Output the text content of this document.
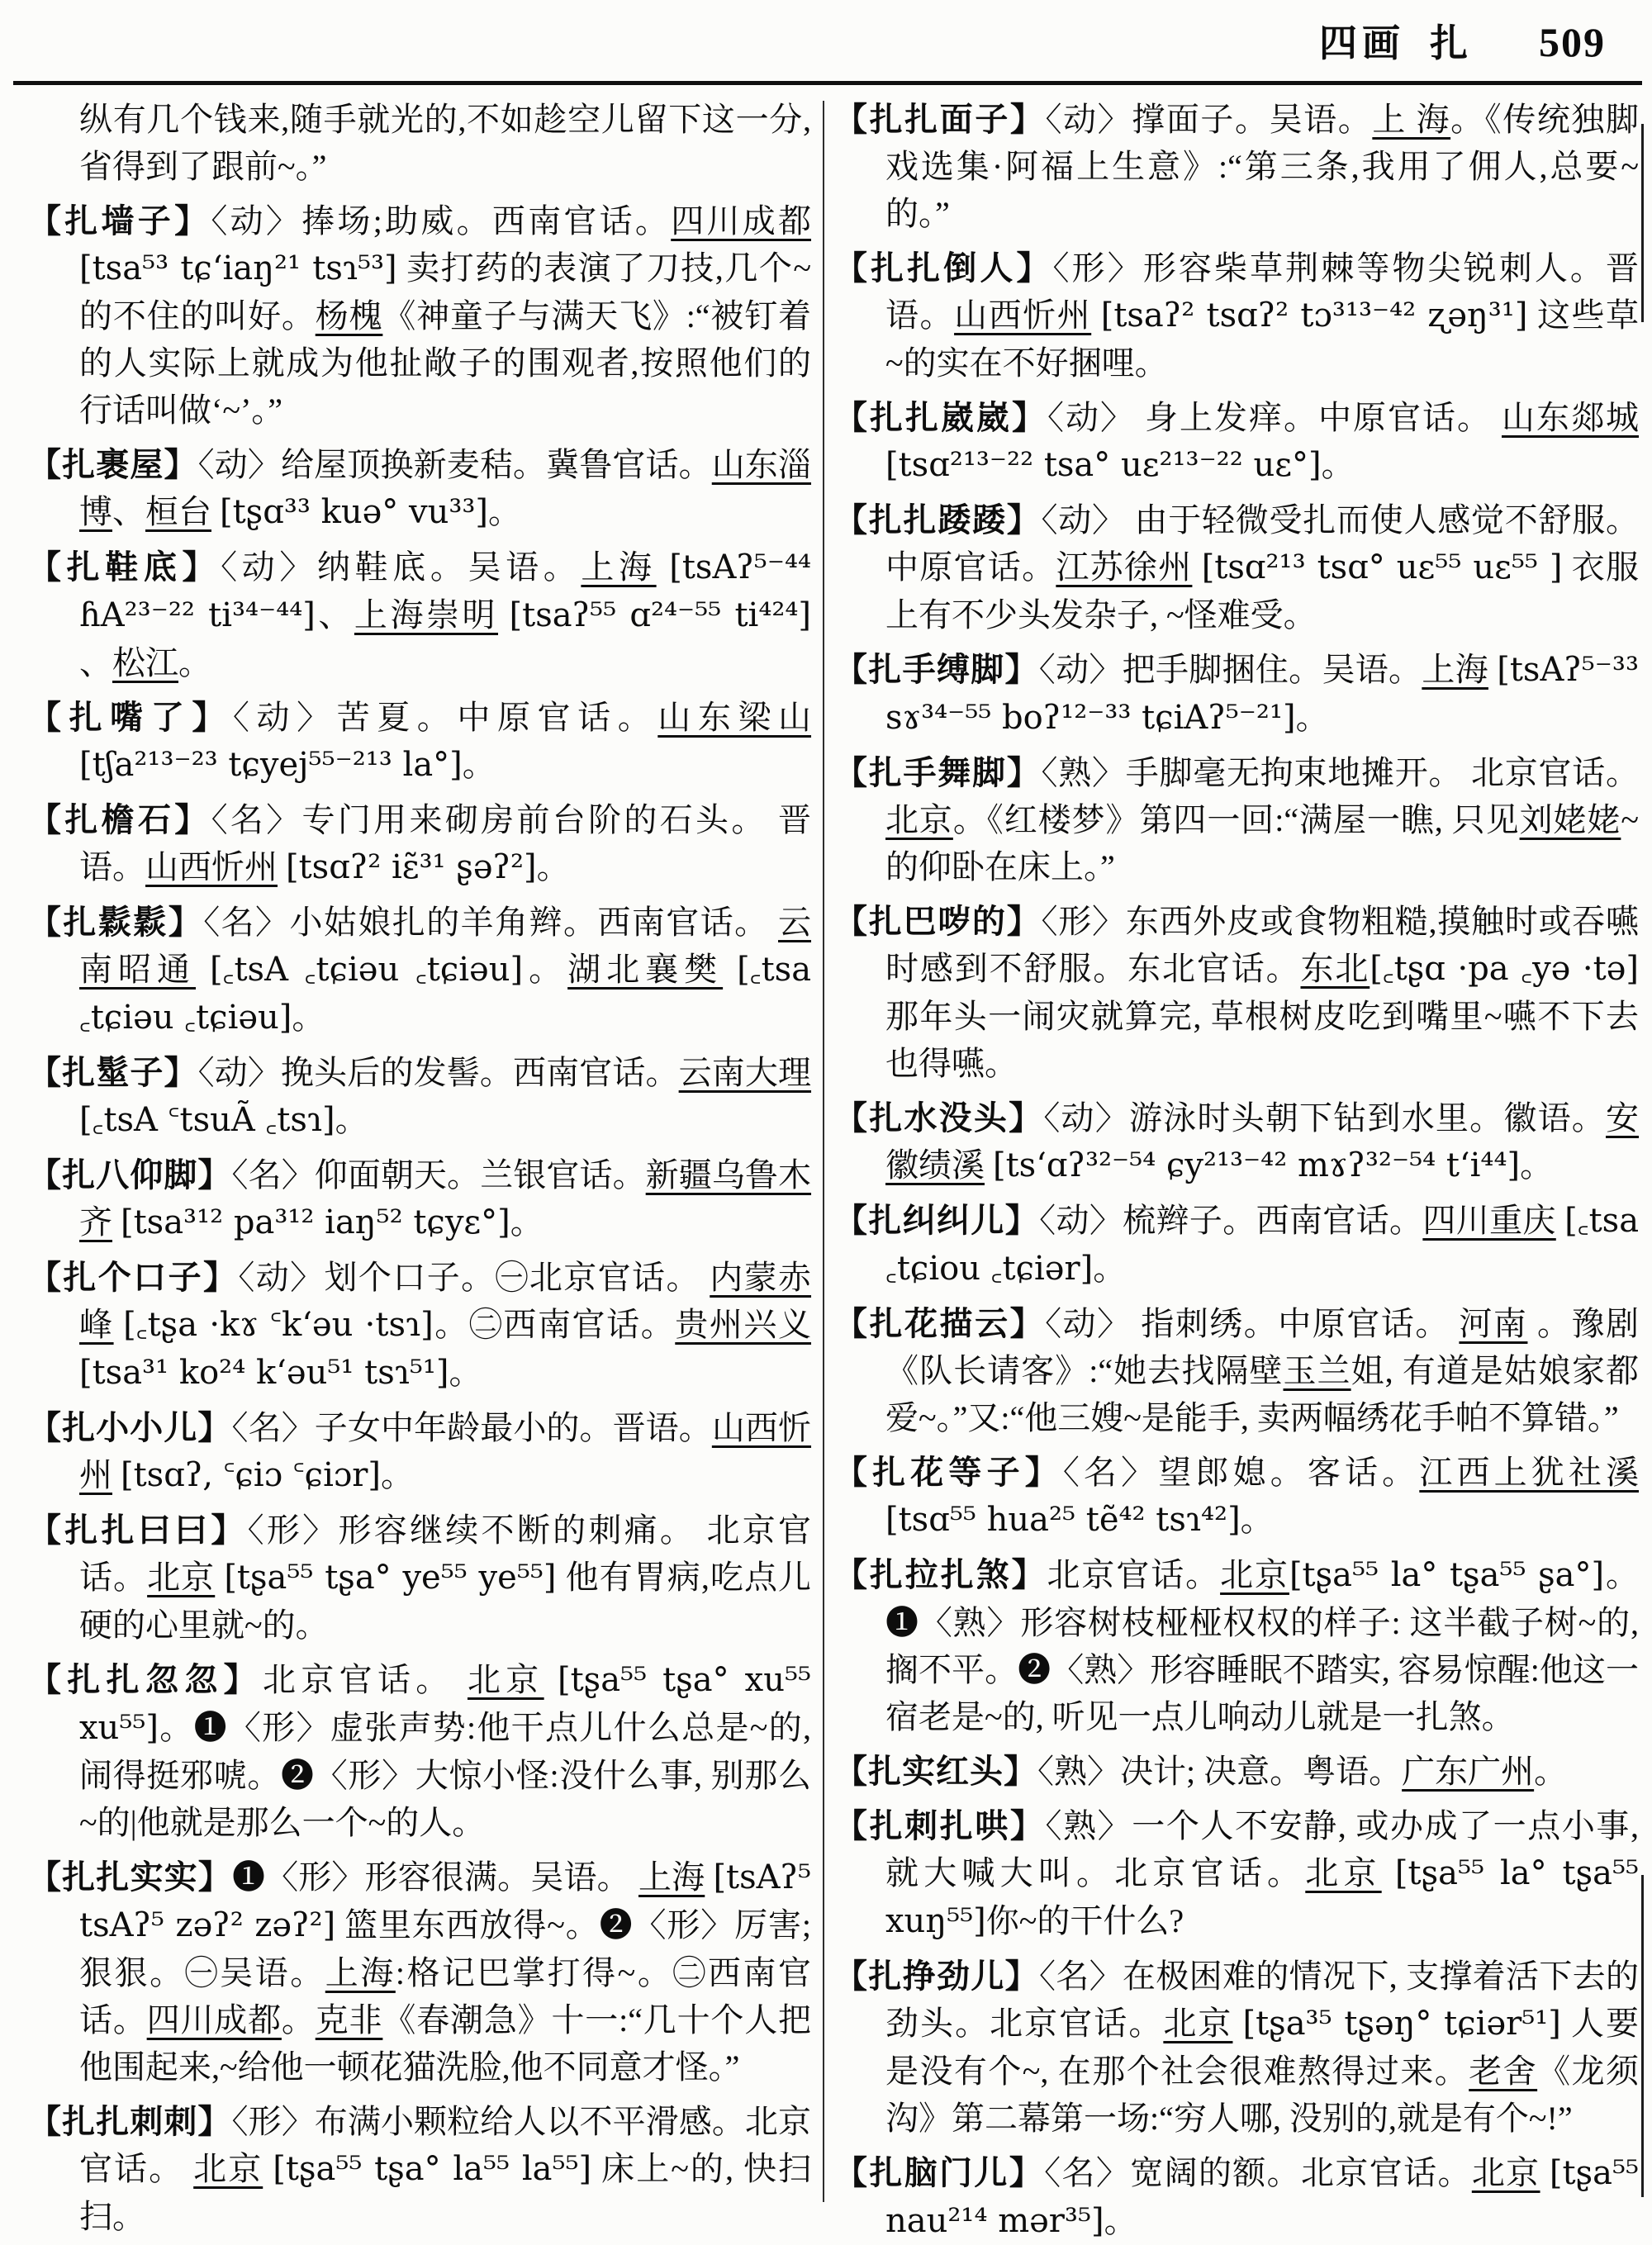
四画 扎 509
纵有几个钱来,随手就光的,不如趁空儿留下这一分,省得到了跟前~。”
【扎墙子】〈动〉捧场;助威。西南官话。四川成都 [tsa⁵³ tɕ‘iaŋ²¹ tsɿ⁵³] 卖打药的表演了刀技,几个~的不住的叫好。杨槐《神童子与满天飞》:“被钉着的人实际上就成为他扯敞子的围观者,按照他们的行话叫做‘~’。”
【扎裹屋】〈动〉给屋顶换新麦秸。冀鲁官话。山东淄博、桓台 [tʂɑ³³ kuə° vu³³]。
【扎鞋底】〈动〉纳鞋底。吴语。上海 [tsAʔ⁵⁻⁴⁴ ɦA²³⁻²² ti³⁴⁻⁴⁴]、上海崇明 [tsaʔ⁵⁵ ɑ²⁴⁻⁵⁵ ti⁴²⁴] 、松江。
【扎嘴了】〈动〉苦夏。中原官话。山东梁山 [tʃa²¹³⁻²³ tɕyej⁵⁵⁻²¹³ la°]。
【扎檐石】〈名〉专门用来砌房前台阶的石头。 晋语。山西忻州 [tsɑʔ² iɛ̃³¹ ʂəʔ²]。
【扎鬏鬏】〈名〉小姑娘扎的羊角辫。西南官话。 云南昭通 [꜀tsA ꜀tɕiəu ꜀tɕiəu]。湖北襄樊 [꜀tsa ꜀tɕiəu ꜀tɕiəu]。
【扎髽子】〈动〉挽头后的发髻。西南官话。云南大理 [꜀tsA ꜂tsuÃ ꜀tsɿ]。
【扎八仰脚】〈名〉仰面朝天。兰银官话。新疆乌鲁木齐 [tsa³¹² pa³¹² iaŋ⁵² tɕyɛ°]。
【扎个口子】〈动〉划个口子。㊀北京官话。 内蒙赤峰 [꜀tʂa ·kɤ ꜂k‘əu ·tsɿ]。㊁西南官话。贵州兴义 [tsa³¹ ko²⁴ k‘əu⁵¹ tsɿ⁵¹]。
【扎小小儿】〈名〉子女中年龄最小的。晋语。山西忻州 [tsɑʔ, ꜂ɕiɔ ꜂ɕiɔr]。
【扎扎曰曰】〈形〉形容继续不断的刺痛。 北京官话。北京 [tʂa⁵⁵ tʂa° ye⁵⁵ ye⁵⁵] 他有胃病,吃点儿硬的心里就~的。
【扎扎忽忽】北京官话。 北京 [tʂa⁵⁵ tʂa° xu⁵⁵ xu⁵⁵]。❶〈形〉虚张声势:他干点儿什么总是~的, 闹得挺邪唬。❷〈形〉大惊小怪:没什么事, 别那么~的|他就是那么一个~的人。
【扎扎实实】❶〈形〉形容很满。吴语。 上海 [tsAʔ⁵ tsAʔ⁵ zəʔ² zəʔ²] 篮里东西放得~。❷〈形〉厉害; 狠狠。㊀吴语。上海:格记巴掌打得~。㊁西南官话。四川成都。克非《春潮急》十一:“几十个人把他围起来,~给他一顿花猫洗脸,他不同意才怪。”
【扎扎刺刺】〈形〉布满小颗粒给人以不平滑感。北京官话。 北京 [tʂa⁵⁵ tʂa° la⁵⁵ la⁵⁵] 床上~的, 快扫扫。
【扎扎面子】〈动〉撑面子。吴语。上 海。《传统独脚戏选集·阿福上生意》:“第三条,我用了佣人,总要~的。”
【扎扎倒人】〈形〉形容柴草荆棘等物尖锐刺人。晋语。山西忻州 [tsaʔ² tsɑʔ² tɔ³¹³⁻⁴² ʐəŋ³¹] 这些草~的实在不好捆哩。
【扎扎崴崴】〈动〉 身上发痒。中原官话。 山东郯城 [tsɑ²¹³⁻²² tsa° uɛ²¹³⁻²² uɛ°]。
【扎扎踒踒】〈动〉 由于轻微受扎而使人感觉不舒服。中原官话。江苏徐州 [tsɑ²¹³ tsɑ° uɛ⁵⁵ uɛ⁵⁵ ] 衣服上有不少头发杂子, ~怪难受。
【扎手缚脚】〈动〉把手脚捆住。吴语。上海 [tsAʔ⁵⁻³³ sɤ³⁴⁻⁵⁵ boʔ¹²⁻³³ tɕiAʔ⁵⁻²¹]。
【扎手舞脚】〈熟〉手脚毫无拘束地摊开。 北京官话。北京。《红楼梦》第四一回:“满屋一瞧, 只见刘姥姥~的仰卧在床上。”
【扎巴哕的】〈形〉东西外皮或食物粗糙,摸触时或吞嚥时感到不舒服。东北官话。东北[꜀tʂɑ ·pa ꜀yə ·tə] 那年头一闹灾就算完, 草根树皮吃到嘴里~嚥不下去也得嚥。
【扎水没头】〈动〉游泳时头朝下钻到水里。徽语。安徽绩溪 [ts‘ɑʔ³²⁻⁵⁴ ɕy²¹³⁻⁴² mɤʔ³²⁻⁵⁴ t‘i⁴⁴]。
【扎纠纠儿】〈动〉梳辫子。西南官话。四川重庆 [꜀tsa ꜀tɕiou ꜀tɕiər]。
【扎花描云】〈动〉 指刺绣。中原官话。 河南 。豫剧《队长请客》:“她去找隔壁玉兰姐, 有道是姑娘家都爱~。”又:“他三嫂~是能手, 卖两幅绣花手帕不算错。”
【扎花等子】〈名〉望郎媳。客话。江西上犹社溪[tsɑ⁵⁵ hua²⁵ tẽ⁴² tsɿ⁴²]。
【扎拉扎煞】北京官话。北京[tʂa⁵⁵ la° tʂa⁵⁵ ʂa°]。❶〈熟〉形容树枝桠桠权权的样子: 这半截子树~的,搁不平。❷〈熟〉形容睡眠不踏实, 容易惊醒:他这一宿老是~的, 听见一点儿响动儿就是一扎煞。
【扎实红头】〈熟〉决计; 决意。粤语。广东广州。
【扎刺扎哄】〈熟〉一个人不安静, 或办成了一点小事, 就大喊大叫。北京官话。北京 [tʂa⁵⁵ la° tʂa⁵⁵ xuŋ⁵⁵]你~的干什么?
【扎挣劲儿】〈名〉在极困难的情况下, 支撑着活下去的劲头。北京官话。北京 [tʂa³⁵ tʂəŋ° tɕiər⁵¹] 人要是没有个~, 在那个社会很难熬得过来。老舍《龙须沟》第二幕第一场:“穷人哪, 没别的,就是有个~!”
【扎脑门儿】〈名〉宽阔的额。北京官话。北京 [tʂa⁵⁵ nau²¹⁴ mər³⁵]。
